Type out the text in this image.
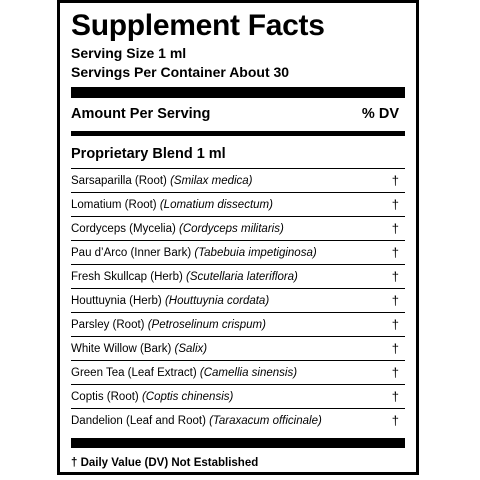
Supplement Facts
Serving Size 1 ml
Servings Per Container About 30
Amount Per Serving	% DV
Proprietary Blend 1 ml
Sarsaparilla (Root) (Smilax medica)	†
Lomatium (Root) (Lomatium dissectum)	†
Cordyceps (Mycelia) (Cordyceps militaris)	†
Pau d’Arco (Inner Bark) (Tabebuia impetiginosa)	†
Fresh Skullcap (Herb) (Scutellaria lateriflora)	†
Houttuynia (Herb) (Houttuynia cordata)	†
Parsley (Root) (Petroselinum crispum)	†
White Willow (Bark) (Salix)	†
Green Tea (Leaf Extract) (Camellia sinensis)	†
Coptis (Root) (Coptis chinensis)	†
Dandelion (Leaf and Root) (Taraxacum officinale)	†
† Daily Value (DV) Not Established
